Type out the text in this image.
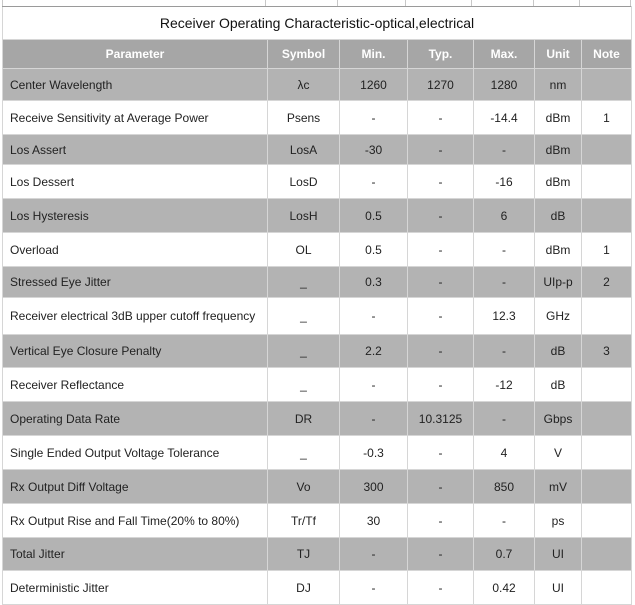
Receiver Operating Characteristic-optical,electrical						
Parameter	Symbol	Min.	Typ.	Max.	Unit	Note
Center Wavelength	λc	1260	1270	1280	nm	
Receive Sensitivity at Average Power	Psens	-	-	-14.4	dBm	1
Los Assert	LosA	-30	-	-	dBm	
Los Dessert	LosD	-	-	-16	dBm	
Los Hysteresis	LosH	0.5	-	6	dB	
Overload	OL	0.5	-	-	dBm	1
Stressed Eye Jitter	_	0.3	-	-	UIp-p	2
Receiver electrical 3dB upper cutoff frequency	_	-	-	12.3	GHz	
Vertical Eye Closure Penalty	_	2.2	-	-	dB	3
Receiver Reflectance	_	-	-	-12	dB	
Operating Data Rate	DR	-	10.3125	-	Gbps	
Single Ended Output Voltage Tolerance	_	-0.3	-	4	V	
Rx Output Diff Voltage	Vo	300	-	850	mV	
Rx Output Rise and Fall Time(20% to 80%)	Tr/Tf	30	-	-	ps	
Total Jitter	TJ	-	-	0.7	UI	
Deterministic Jitter	DJ	-	-	0.42	UI	
